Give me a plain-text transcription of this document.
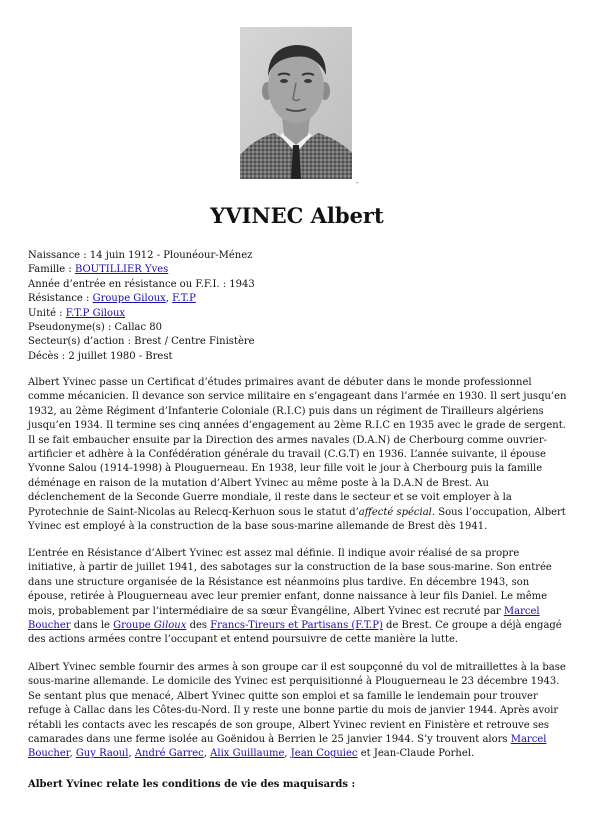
-
YVINEC Albert
Naissance : 14 juin 1912 - Plounéour-Ménez
Famille : BOUTILLIER Yves
Année d’entrée en résistance ou F.F.I. : 1943
Résistance : Groupe Giloux, F.T.P
Unité : F.T.P Giloux
Pseudonyme(s) : Callac 80
Secteur(s) d’action : Brest / Centre Finistère
Décès : 2 juillet 1980 - Brest

Albert Yvinec passe un Certificat d’études primaires avant de débuter dans le monde professionnel comme mécanicien. Il devance son service militaire en s’engageant dans l’armée en 1930. Il sert jusqu’en 1932, au 2ème Régiment d’Infanterie Coloniale (R.I.C) puis dans un régiment de Tirailleurs algériens jusqu’en 1934. Il termine ses cinq années d’engagement au 2ème R.I.C en 1935 avec le grade de sergent. Il se fait embaucher ensuite par la Direction des armes navales (D.A.N) de Cherbourg comme ouvrier-artificier et adhère à la Confédération générale du travail (C.G.T) en 1936. L’année suivante, il épouse Yvonne Salou (1914-1998) à Plouguerneau. En 1938, leur fille voit le jour à Cherbourg puis la famille déménage en raison de la mutation d’Albert Yvinec au même poste à la D.A.N de Brest. Au déclenchement de la Seconde Guerre mondiale, il reste dans le secteur et se voit employer à la Pyrotechnie de Saint-Nicolas au Relecq-Kerhuon sous le statut d’affecté spécial. Sous l’occupation, Albert Yvinec est employé à la construction de la base sous-marine allemande de Brest dès 1941.

L’entrée en Résistance d’Albert Yvinec est assez mal définie. Il indique avoir réalisé de sa propre initiative, à partir de juillet 1941, des sabotages sur la construction de la base sous-marine. Son entrée dans une structure organisée de la Résistance est néanmoins plus tardive. En décembre 1943, son épouse, retirée à Plouguerneau avec leur premier enfant, donne naissance à leur fils Daniel. Le même mois, probablement par l’intermédiaire de sa sœur Évangéline, Albert Yvinec est recruté par Marcel Boucher dans le Groupe Giloux des Francs-Tireurs et Partisans (F.T.P) de Brest. Ce groupe a déjà engagé des actions armées contre l’occupant et entend poursuivre de cette manière la lutte.

Albert Yvinec semble fournir des armes à son groupe car il est soupçonné du vol de mitraillettes à la base sous-marine allemande. Le domicile des Yvinec est perquisitionné à Plouguerneau le 23 décembre 1943. Se sentant plus que menacé, Albert Yvinec quitte son emploi et sa famille le lendemain pour trouver refuge à Callac dans les Côtes-du-Nord. Il y reste une bonne partie du mois de janvier 1944. Après avoir rétabli les contacts avec les rescapés de son groupe, Albert Yvinec revient en Finistère et retrouve ses camarades dans une ferme isolée au Goënidou à Berrien le 25 janvier 1944. S’y trouvent alors Marcel Boucher, Guy Raoul, André Garrec, Alix Guillaume, Jean Coguiec et Jean-Claude Porhel.

Albert Yvinec relate les conditions de vie des maquisards :
